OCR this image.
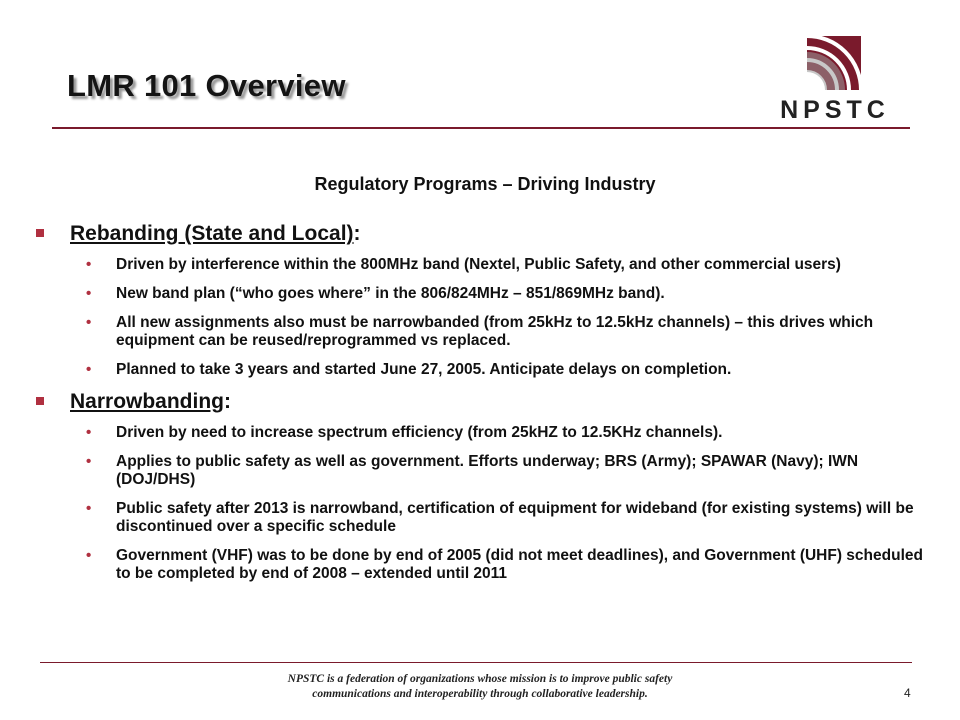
LMR 101 Overview
NPSTC
Regulatory Programs – Driving Industry
Rebanding (State and Local) :
• Driven by interference within the 800MHz band (Nextel, Public Safety, and other commercial users)
• New band plan (“who goes where” in the 806/824MHz – 851/869MHz band).
• All new assignments also must be narrowbanded (from 25kHz to 12.5kHz channels) – this drives which equipment can be reused/reprogrammed vs replaced.
• Planned to take 3 years and started June 27, 2005. Anticipate delays on completion.
Narrowbanding :
• Driven by need to increase spectrum efficiency (from 25kHZ to 12.5KHz channels).
• Applies to public safety as well as government. Efforts underway; BRS (Army); SPAWAR (Navy); IWN (DOJ/DHS)
• Public safety after 2013 is narrowband, certification of equipment for wideband (for existing systems) will be discontinued over a specific schedule
• Government (VHF) was to be done by end of 2005 (did not meet deadlines), and Government (UHF) scheduled to be completed by end of 2008 – extended until 2011
NPSTC is a federation of organizations whose mission is to improve public safety
communications and interoperability through collaborative leadership.	4
